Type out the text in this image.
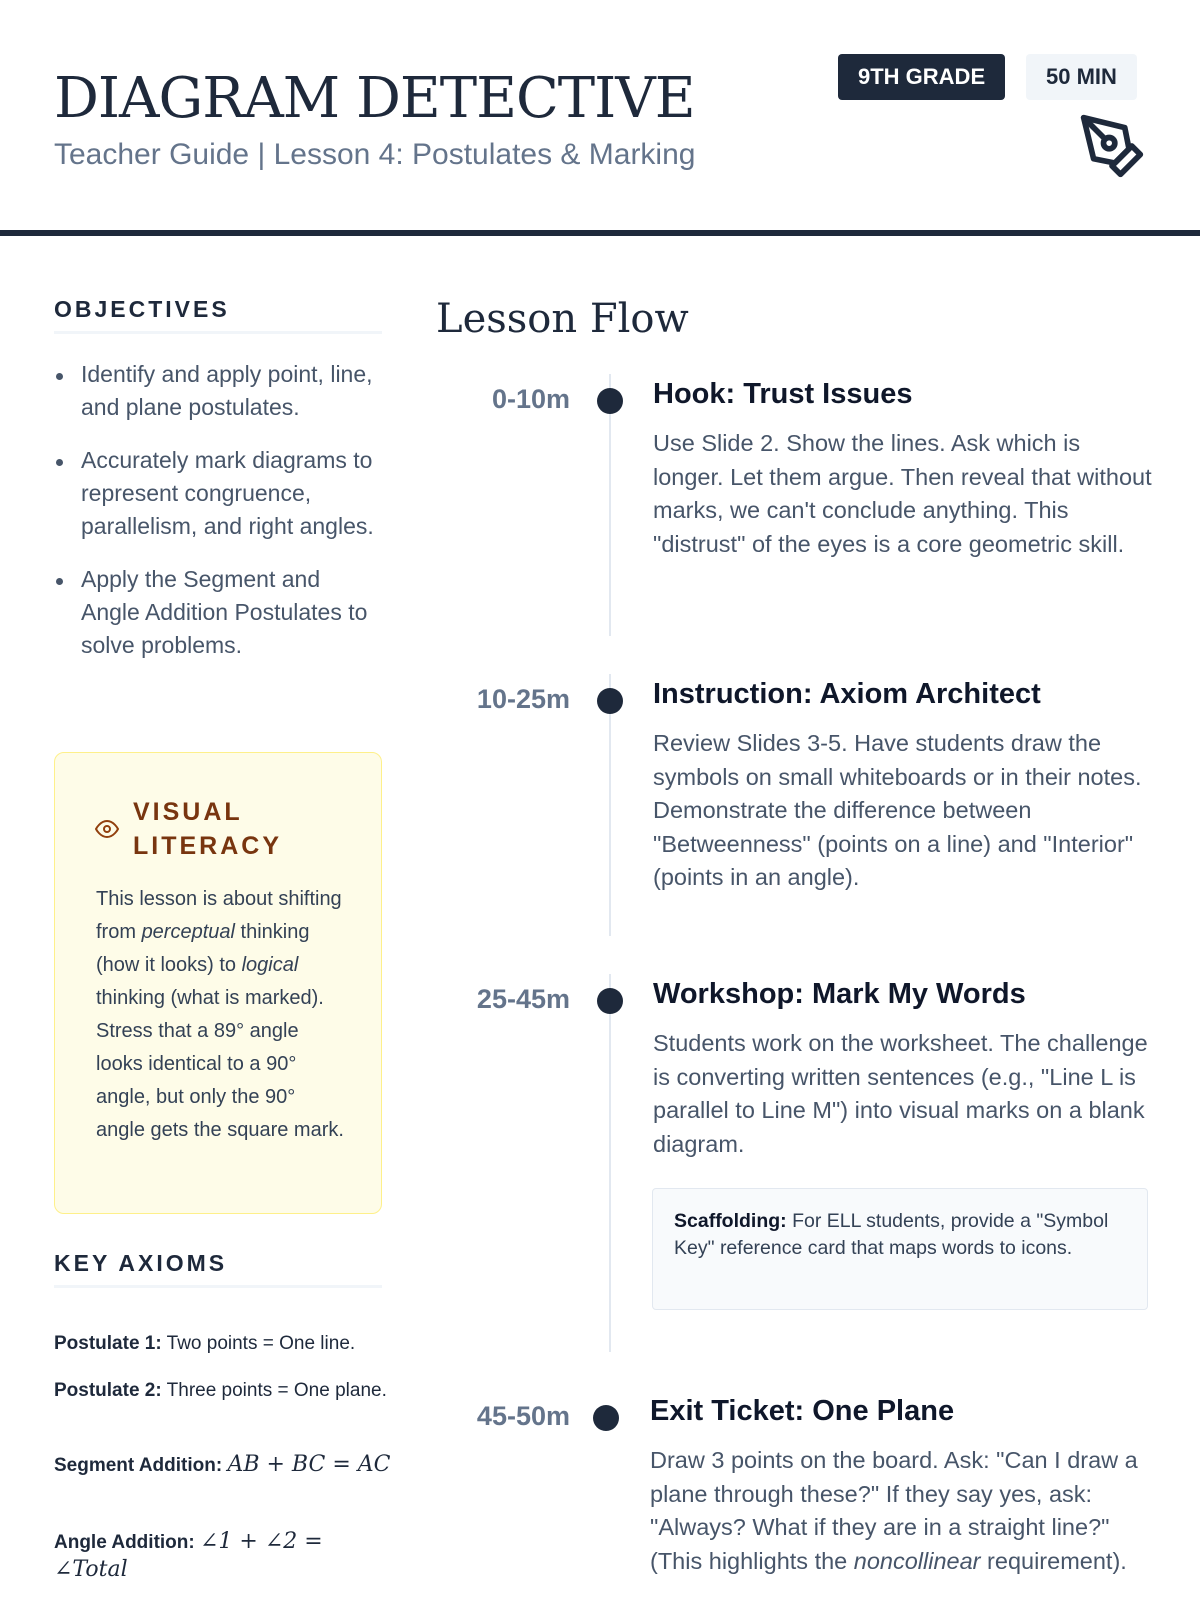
DIAGRAM DETECTIVE
Teacher Guide | Lesson 4: Postulates & Marking
9TH GRADE	50 MIN
OBJECTIVES
Identify and apply point, line, and plane postulates.
Accurately mark diagrams to represent congruence, parallelism, and right angles.
Apply the Segment and Angle Addition Postulates to solve problems.
VISUAL LITERACY
This lesson is about shifting from perceptual thinking (how it looks) to logical thinking (what is marked). Stress that a 89° angle looks identical to a 90° angle, but only the 90° angle gets the square mark.
KEY AXIOMS
Postulate 1: Two points = One line.
Postulate 2: Three points = One plane.
Segment Addition: AB + BC = AC
Angle Addition: ∠1 + ∠2 = ∠Total
Lesson Flow
0-10m	Hook: Trust Issues
Use Slide 2. Show the lines. Ask which is longer. Let them argue. Then reveal that without marks, we can't conclude anything. This "distrust" of the eyes is a core geometric skill.
10-25m	Instruction: Axiom Architect
Review Slides 3-5. Have students draw the symbols on small whiteboards or in their notes. Demonstrate the difference between "Betweenness" (points on a line) and "Interior" (points in an angle).
25-45m	Workshop: Mark My Words
Students work on the worksheet. The challenge is converting written sentences (e.g., "Line L is parallel to Line M") into visual marks on a blank diagram.
Scaffolding: For ELL students, provide a "Symbol Key" reference card that maps words to icons.
45-50m	Exit Ticket: One Plane
Draw 3 points on the board. Ask: "Can I draw a plane through these?" If they say yes, ask: "Always? What if they are in a straight line?" (This highlights the noncollinear requirement).
